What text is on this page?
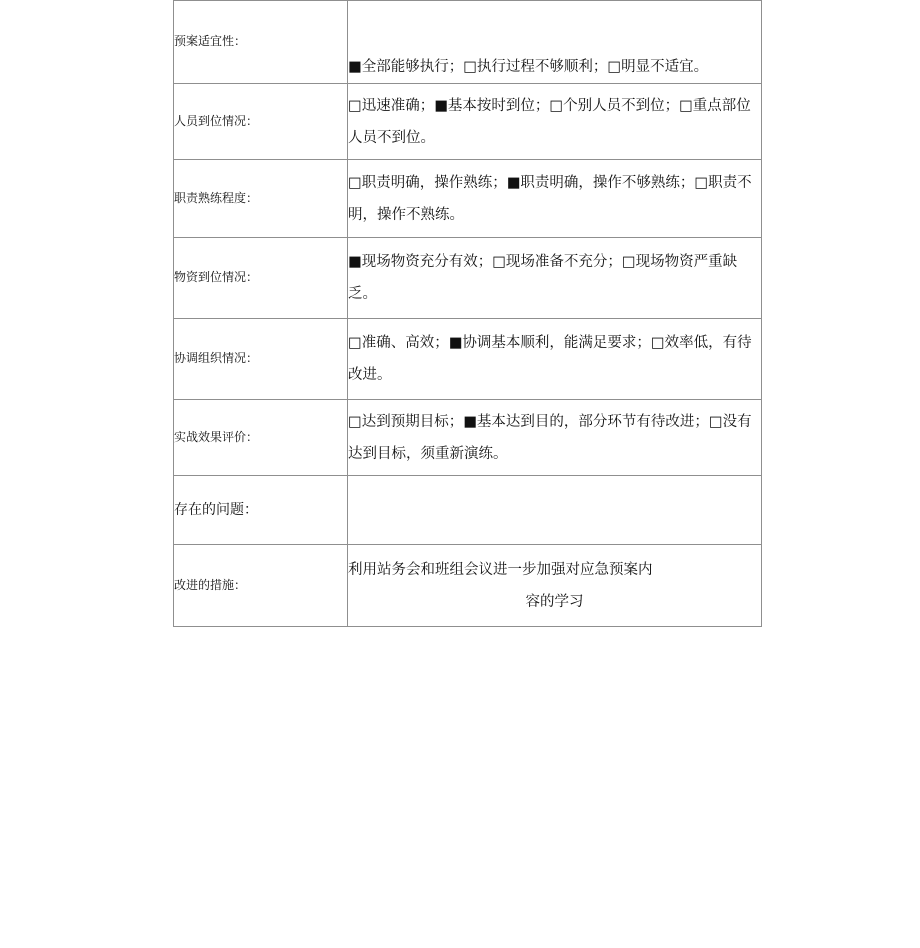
预案适宜性：	■全部能够执行；□执行过程不够顺利；□明显不适宜。
人员到位情况：	□迅速准确；■基本按时到位；□个别人员不到位；□重点部位人员不到位。
职责熟练程度：	□职责明确，操作熟练；■职责明确，操作不够熟练；□职责不明，操作不熟练。
物资到位情况：	■现场物资充分有效；□现场准备不充分；□现场物资严重缺乏。
协调组织情况：	□准确、高效；■协调基本顺利，能满足要求；□效率低，有待改进。
实战效果评价：	□达到预期目标；■基本达到目的，部分环节有待改进；□没有达到目标，须重新演练。
存在的问题：	
改进的措施：	利用站务会和班组会议进一步加强对应急预案内
容的学习
